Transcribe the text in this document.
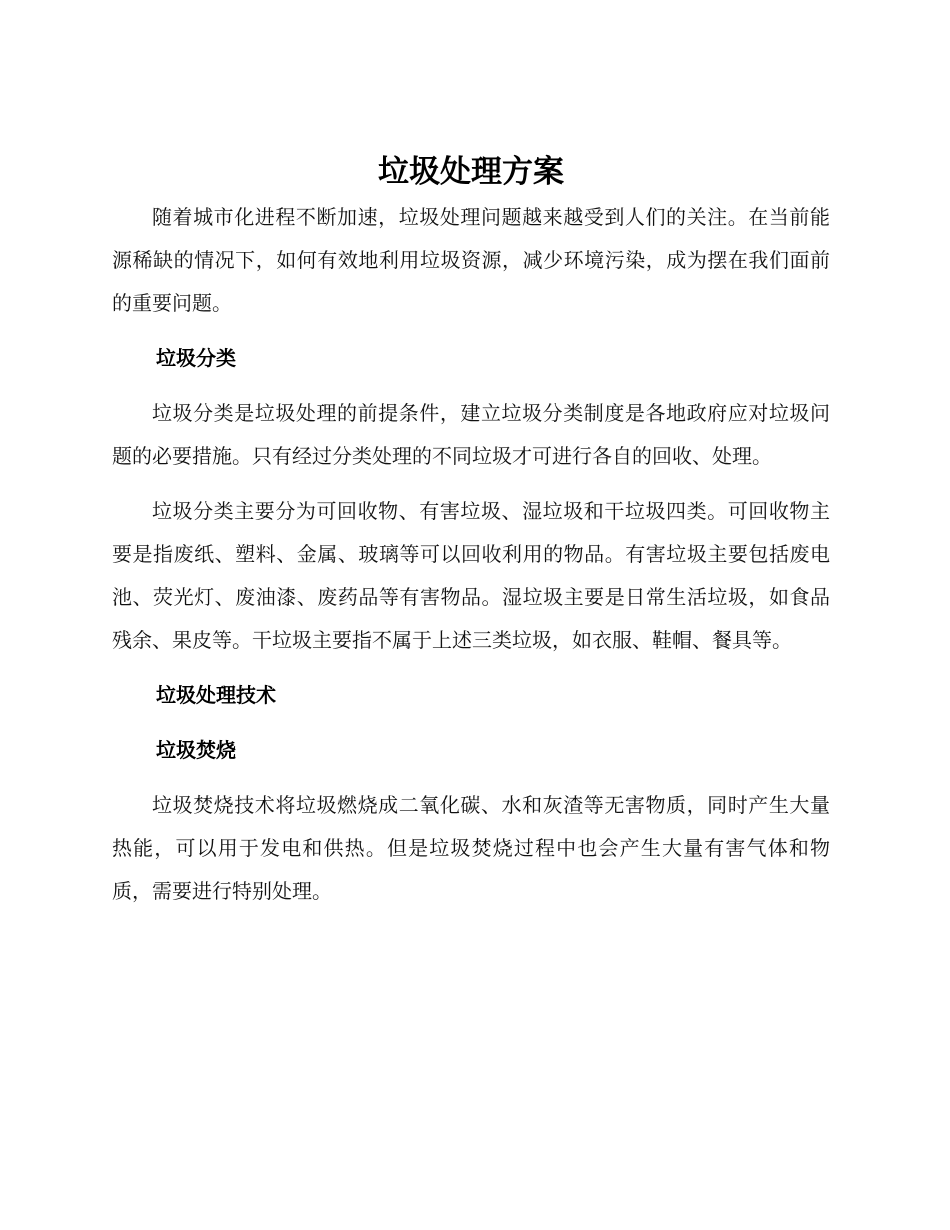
垃圾处理方案

随着城市化进程不断加速，垃圾处理问题越来越受到人们的关注。在当前能源稀缺的情况下，如何有效地利用垃圾资源，减少环境污染，成为摆在我们面前的重要问题。

垃圾分类

垃圾分类是垃圾处理的前提条件，建立垃圾分类制度是各地政府应对垃圾问题的必要措施。只有经过分类处理的不同垃圾才可进行各自的回收、处理。

垃圾分类主要分为可回收物、有害垃圾、湿垃圾和干垃圾四类。可回收物主要是指废纸、塑料、金属、玻璃等可以回收利用的物品。有害垃圾主要包括废电池、荧光灯、废油漆、废药品等有害物品。湿垃圾主要是日常生活垃圾，如食品残余、果皮等。干垃圾主要指不属于上述三类垃圾，如衣服、鞋帽、餐具等。

垃圾处理技术
垃圾焚烧

垃圾焚烧技术将垃圾燃烧成二氧化碳、水和灰渣等无害物质，同时产生大量热能，可以用于发电和供热。但是垃圾焚烧过程中也会产生大量有害气体和物质，需要进行特别处理。
